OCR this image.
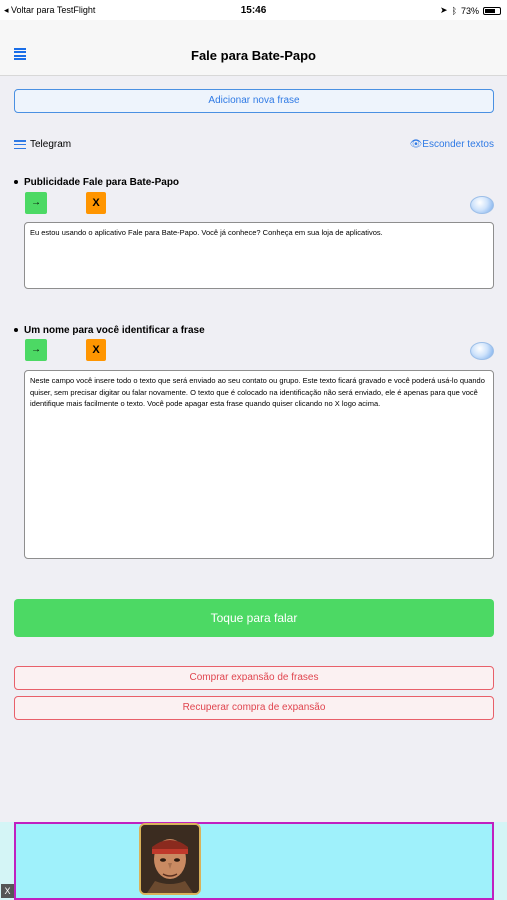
◂ Voltar para TestFlight	15:46	➤ ᛒ 73%
Fale para Bate-Papo
Adicionar nova frase
Telegram	👁Esconder textos
Publicidade Fale para Bate-Papo
→	X
Eu estou usando o aplicativo Fale para Bate-Papo. Você já conhece? Conheça em sua loja de aplicativos.
Um nome para você identificar a frase
→	X
Neste campo você insere todo o texto que será enviado ao seu contato ou grupo. Este texto ficará gravado e você poderá usá-lo quando quiser, sem precisar digitar ou falar novamente. O texto que é colocado na identificação não será enviado, ele é apenas para que você identifique mais facilmente o texto. Você pode apagar esta frase quando quiser clicando no X logo acima.
Toque para falar
Comprar expansão de frases
Recuperar compra de expansão
X
